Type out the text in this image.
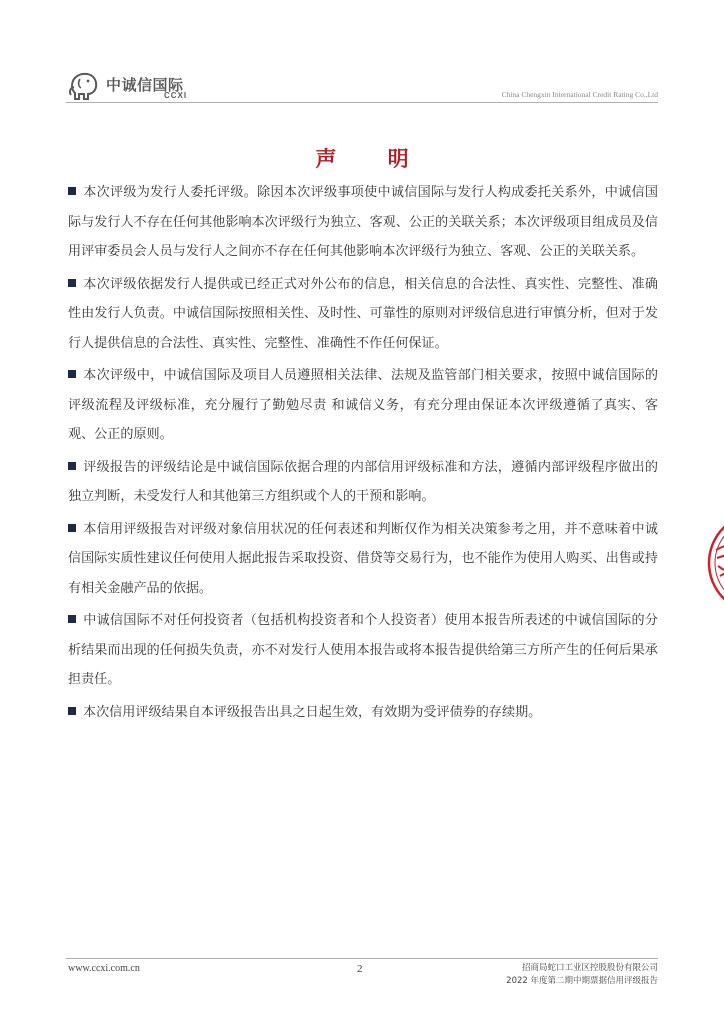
中诚信国际
CCXI	China Chengxin International Credit Rating Co.,Ltd
声 明

本次评级为发行人委托评级。除因本次评级事项使中诚信国际与发行人构成委托关系外，中诚信国际与发行人不存在任何其他影响本次评级行为独立、客观、公正的关联关系；本次评级项目组成员及信用评审委员会人员与发行人之间亦不存在任何其他影响本次评级行为独立、客观、公正的关联关系。

本次评级依据发行人提供或已经正式对外公布的信息，相关信息的合法性、真实性、完整性、准确性由发行人负责。中诚信国际按照相关性、及时性、可靠性的原则对评级信息进行审慎分析，但对于发行人提供信息的合法性、真实性、完整性、准确性不作任何保证。

本次评级中，中诚信国际及项目人员遵照相关法律、法规及监管部门相关要求，按照中诚信国际的评级流程及评级标准，充分履行了勤勉尽责 和诚信义务，有充分理由保证本次评级遵循了真实、客观、公正的原则。

评级报告的评级结论是中诚信国际依据合理的内部信用评级标准和方法，遵循内部评级程序做出的独立判断，未受发行人和其他第三方组织或个人的干预和影响。

本信用评级报告对评级对象信用状况的任何表述和判断仅作为相关决策参考之用，并不意味着中诚信国际实质性建议任何使用人据此报告采取投资、借贷等交易行为，也不能作为使用人购买、出售或持有相关金融产品的依据。

中诚信国际不对任何投资者（包括机构投资者和个人投资者）使用本报告所表述的中诚信国际的分析结果而出现的任何损失负责，亦不对发行人使用本报告或将本报告提供给第三方所产生的任何后果承担责任。

本次信用评级结果自本评级报告出具之日起生效，有效期为受评债券的存续期。

www.ccxi.com.cn	2	招商局蛇口工业区控股股份有限公司
2022 年度第二期中期票据信用评级报告
